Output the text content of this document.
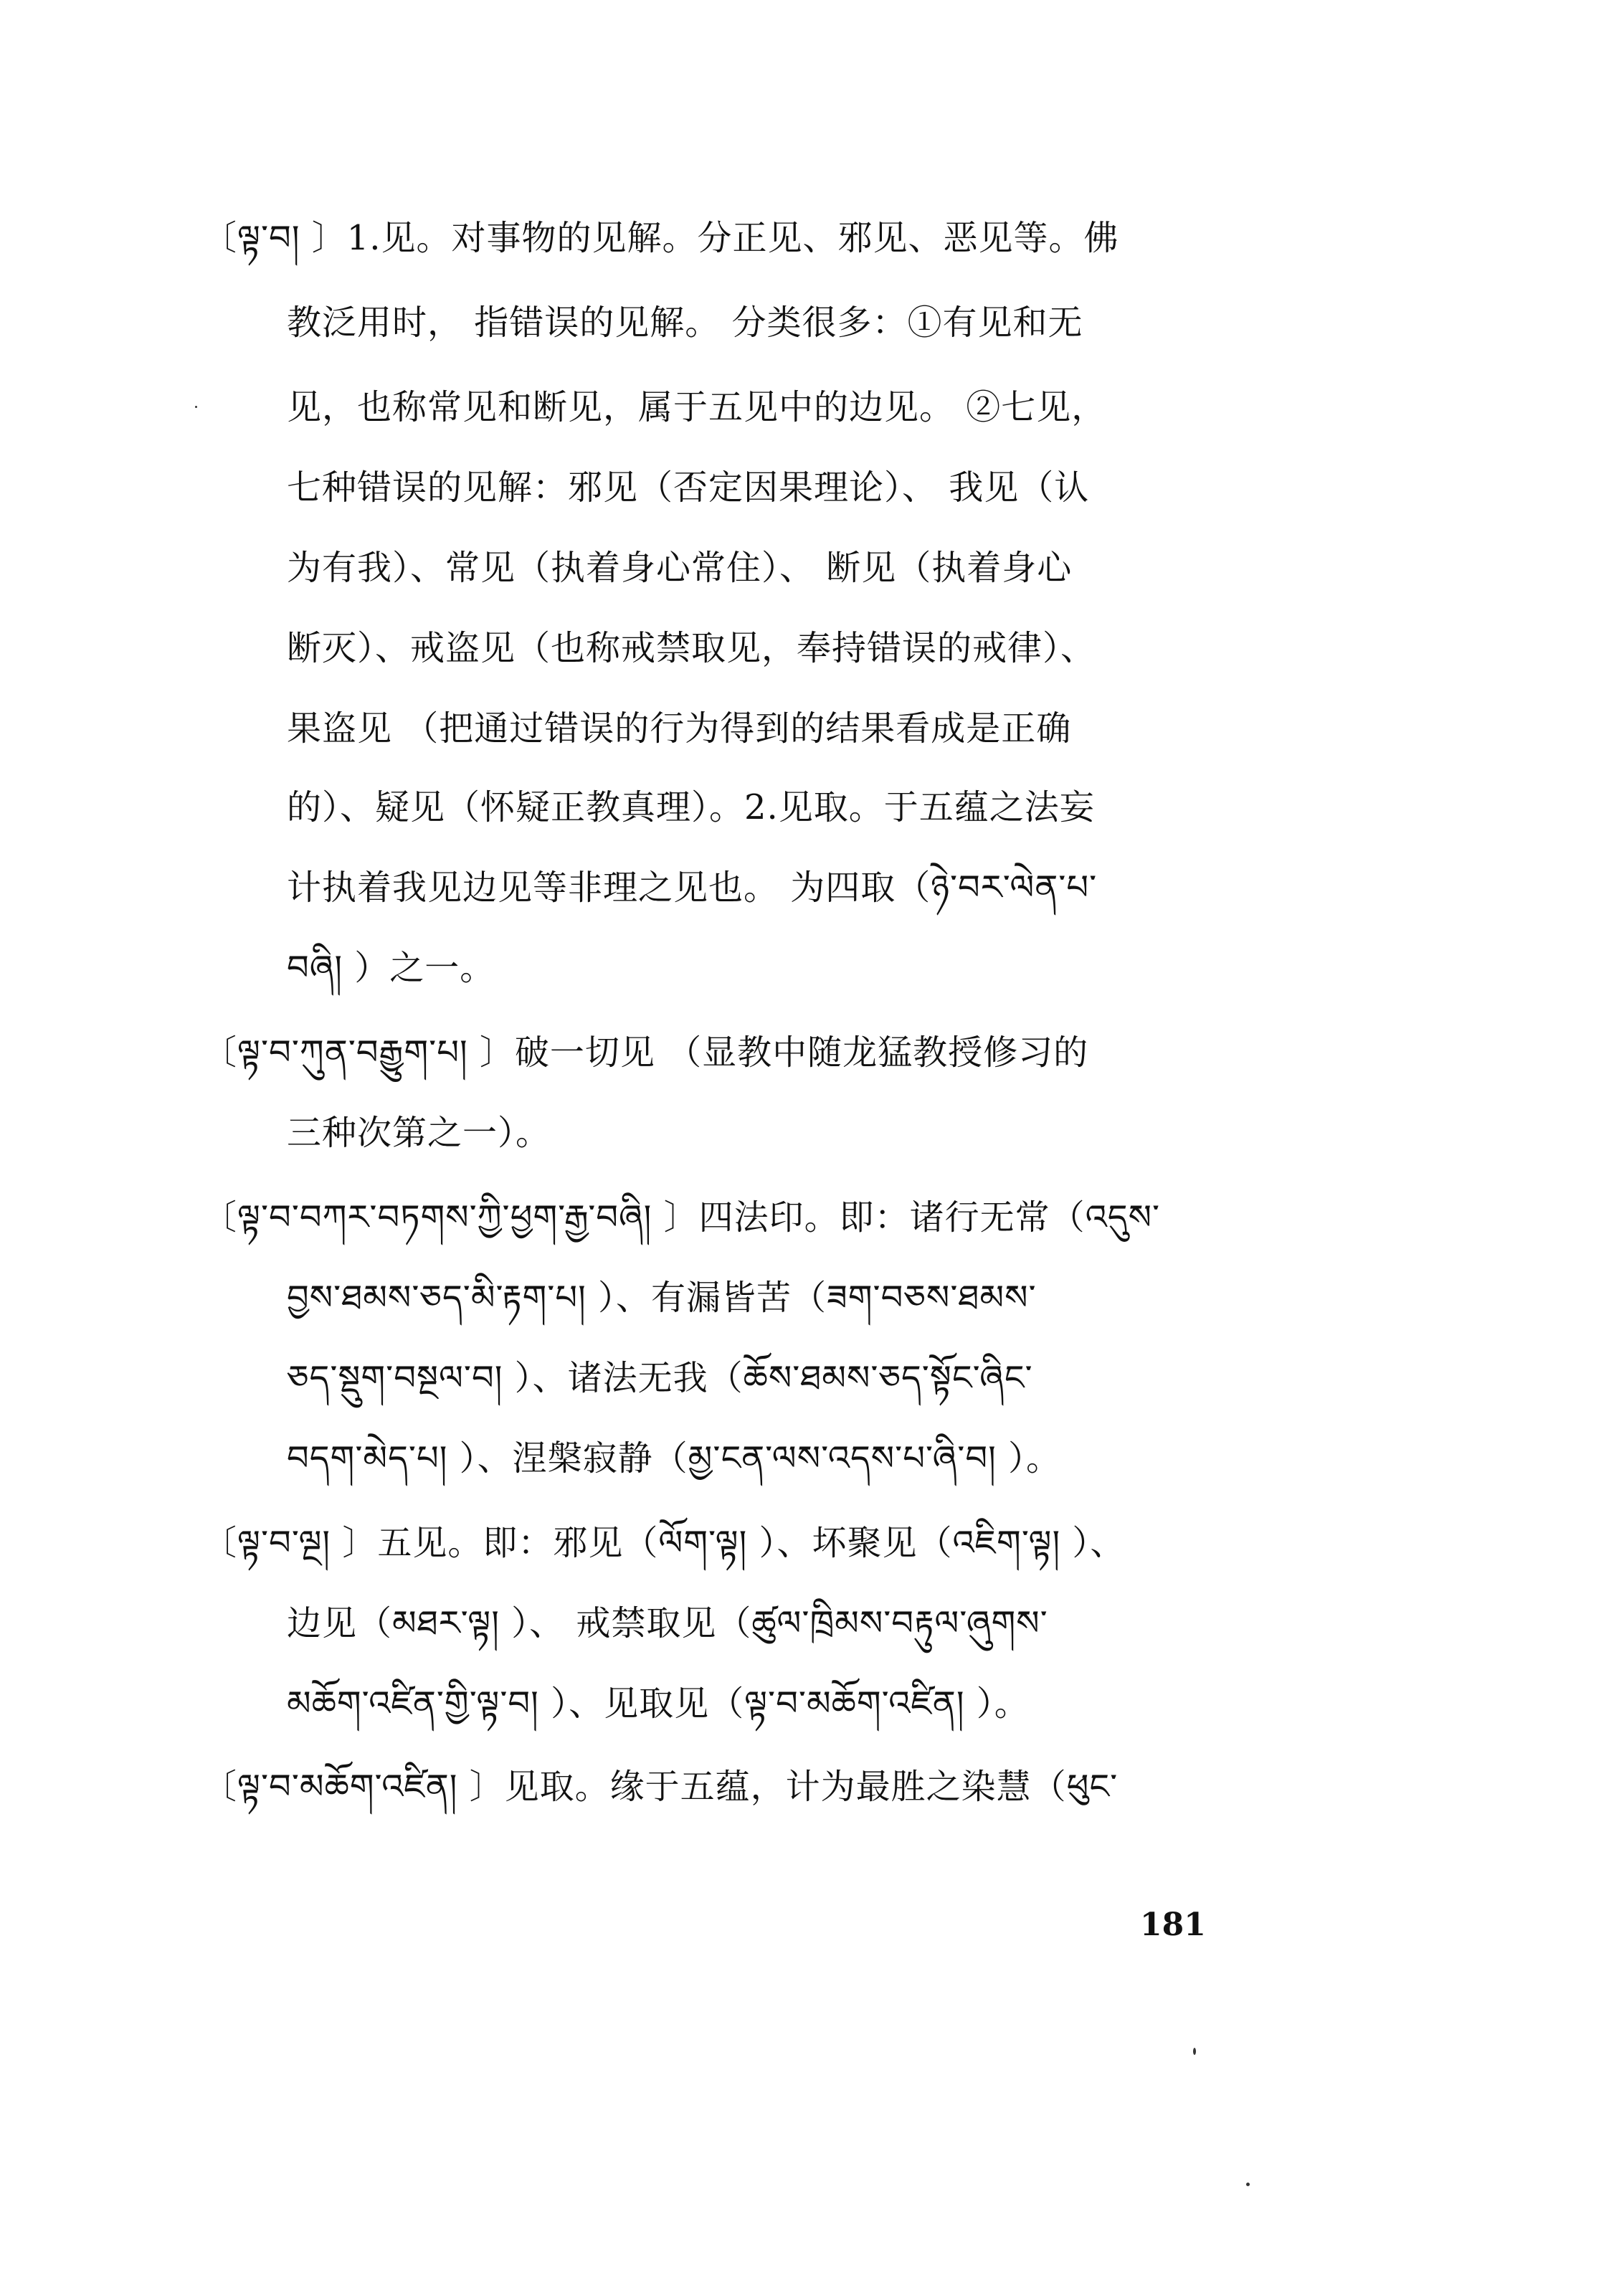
〔ལྟ་བ། 〕1.见。对事物的见解。分正见、邪见、恶见等。佛
教泛用时， 指错误的见解。 分类很多：①有见和无
见，也称常见和断见，属于五见中的边见。 ②七见，
七种错误的见解：邪见（否定因果理论）、 我见（认
为有我）、常见（执着身心常住）、 断见（执着身心
断灭）、戒盗见（也称戒禁取见，奉持错误的戒律）、
果盗见 （把通过错误的行为得到的结果看成是正确
的）、疑见（怀疑正教真理）。2.见取。于五蕴之法妄
计执着我见边见等非理之见也。 为四取（ཉེ་བར་ལེན་པ་
བཞི། ）之一。
〔ལྟ་བ་ཀུན་བརྒྱུག་པ། 〕破一切见 （显教中随龙猛教授修习的
三种次第之一）。
〔ལྟ་བ་བཀར་བཏགས་ཀྱི་ཕྱག་རྒྱ་བཞི། 〕四法印。即：诸行无常（འདུས་
བྱས་ཐམས་ཅད་མི་རྟག་པ། ）、有漏皆苦（ཟག་བཅས་ཐམས་
ཅད་སྡུག་བསྔལ་བ། ）、诸法无我（ཆོས་ཐམས་ཅད་སྟོང་ཞིང་
བདག་མེད་པ། ）、涅槃寂静（མྱ་ངན་ལས་འདས་པ་ཞི་བ། ）。
〔ལྟ་བ་ལྔ། 〕五见。即：邪见（ལོག་ལྟ། ）、坏聚见（འཇིག་ལྟ། ）、
边见（མཐར་ལྟ། ）、 戒禁取见（ཚུལ་ཁྲིམས་བརྟུལ་ཞུགས་
མཆོག་འཛིན་གྱི་ལྟ་བ། ）、见取见（ལྟ་བ་མཆོག་འཛིན། ）。
〔ལྟ་བ་མཆོག་འཛིན། 〕见取。缘于五蕴，计为最胜之染慧（ཕུང་
181
